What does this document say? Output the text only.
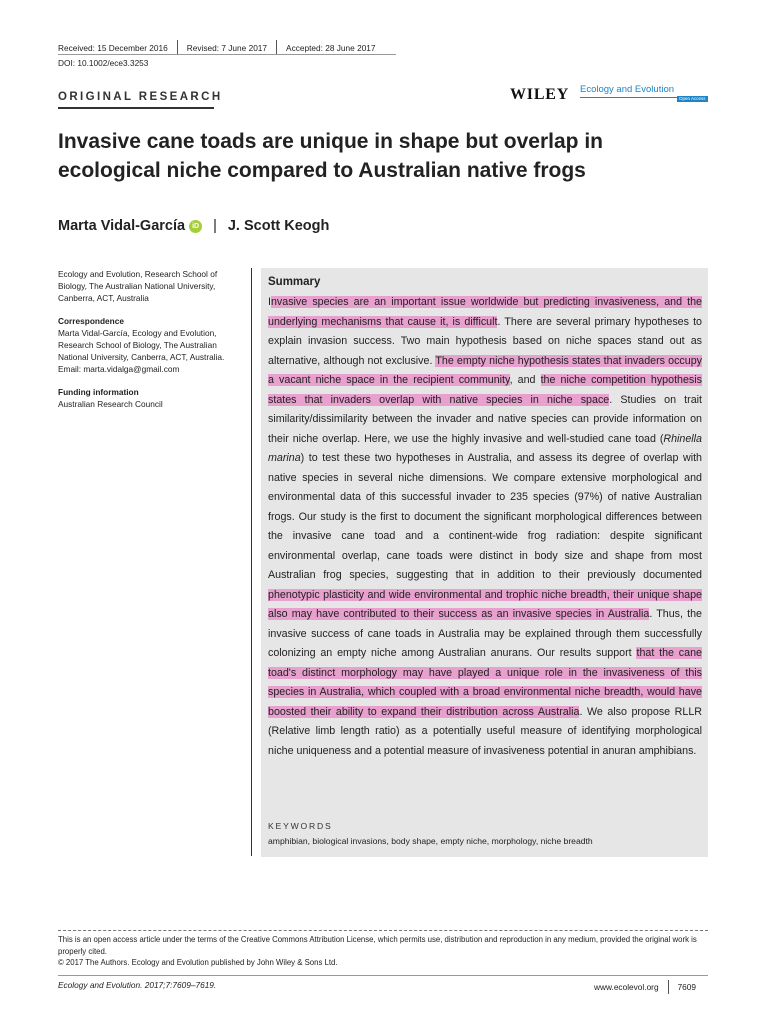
Received: 15 December 2016 Revised: 7 June 2017 Accepted: 28 June 2017
DOI: 10.1002/ece3.3253
ORIGINAL RESEARCH	WILEY Ecology and Evolution
Open Access
Invasive cane toads are unique in shape but overlap in ecological niche compared to Australian native frogs
Marta Vidal-García	iD | J. Scott Keogh

Ecology and Evolution, Research School of Biology, The Australian National University, Canberra, ACT, Australia

Correspondence

Marta Vidal-García, Ecology and Evolution, Research School of Biology, The Australian National University, Canberra, ACT, Australia.

Email: marta.vidalga@gmail.com

Funding information

Australian Research Council

Summary

Invasive species are an important issue worldwide but predicting invasiveness, and the underlying mechanisms that cause it, is difficult. There are several primary hypotheses to explain invasion success. Two main hypothesis based on niche spaces stand out as alternative, although not exclusive. The empty niche hypothesis states that invaders occupy a vacant niche space in the recipient community, and the niche competition hypothesis states that invaders overlap with native species in niche space. Studies on trait similarity/dissimilarity between the invader and native species can provide information on their niche overlap. Here, we use the highly invasive and well-studied cane toad (Rhinella marina) to test these two hypotheses in Australia, and assess its degree of overlap with native species in several niche dimensions. We compare extensive morphological and environmental data of this successful invader to 235 species (97%) of native Australian frogs. Our study is the first to document the significant morphological differences between the invasive cane toad and a continent-wide frog radiation: despite significant environmental overlap, cane toads were distinct in body size and shape from most Australian frog species, suggesting that in addition to their previously documented phenotypic plasticity and wide environmental and trophic niche breadth, their unique shape also may have contributed to their success as an invasive species in Australia. Thus, the invasive success of cane toads in Australia may be explained through them successfully colonizing an empty niche among Australian anurans. Our results support that the cane toad's distinct morphology may have played a unique role in the invasiveness of this species in Australia, which coupled with a broad environmental niche breadth, would have boosted their ability to expand their distribution across Australia. We also propose RLLR (Relative limb length ratio) as a potentially useful measure of identifying morphological niche uniqueness and a potential measure of invasiveness potential in anuran amphibians.

KEYWORDS
amphibian, biological invasions, body shape, empty niche, morphology, niche breadth

This is an open access article under the terms of the Creative Commons Attribution License, which permits use, distribution and reproduction in any medium, provided the original work is properly cited.

© 2017 The Authors. Ecology and Evolution published by John Wiley & Sons Ltd.

Ecology and Evolution. 2017;7:7609–7619.	www.ecolevol.org 7609
